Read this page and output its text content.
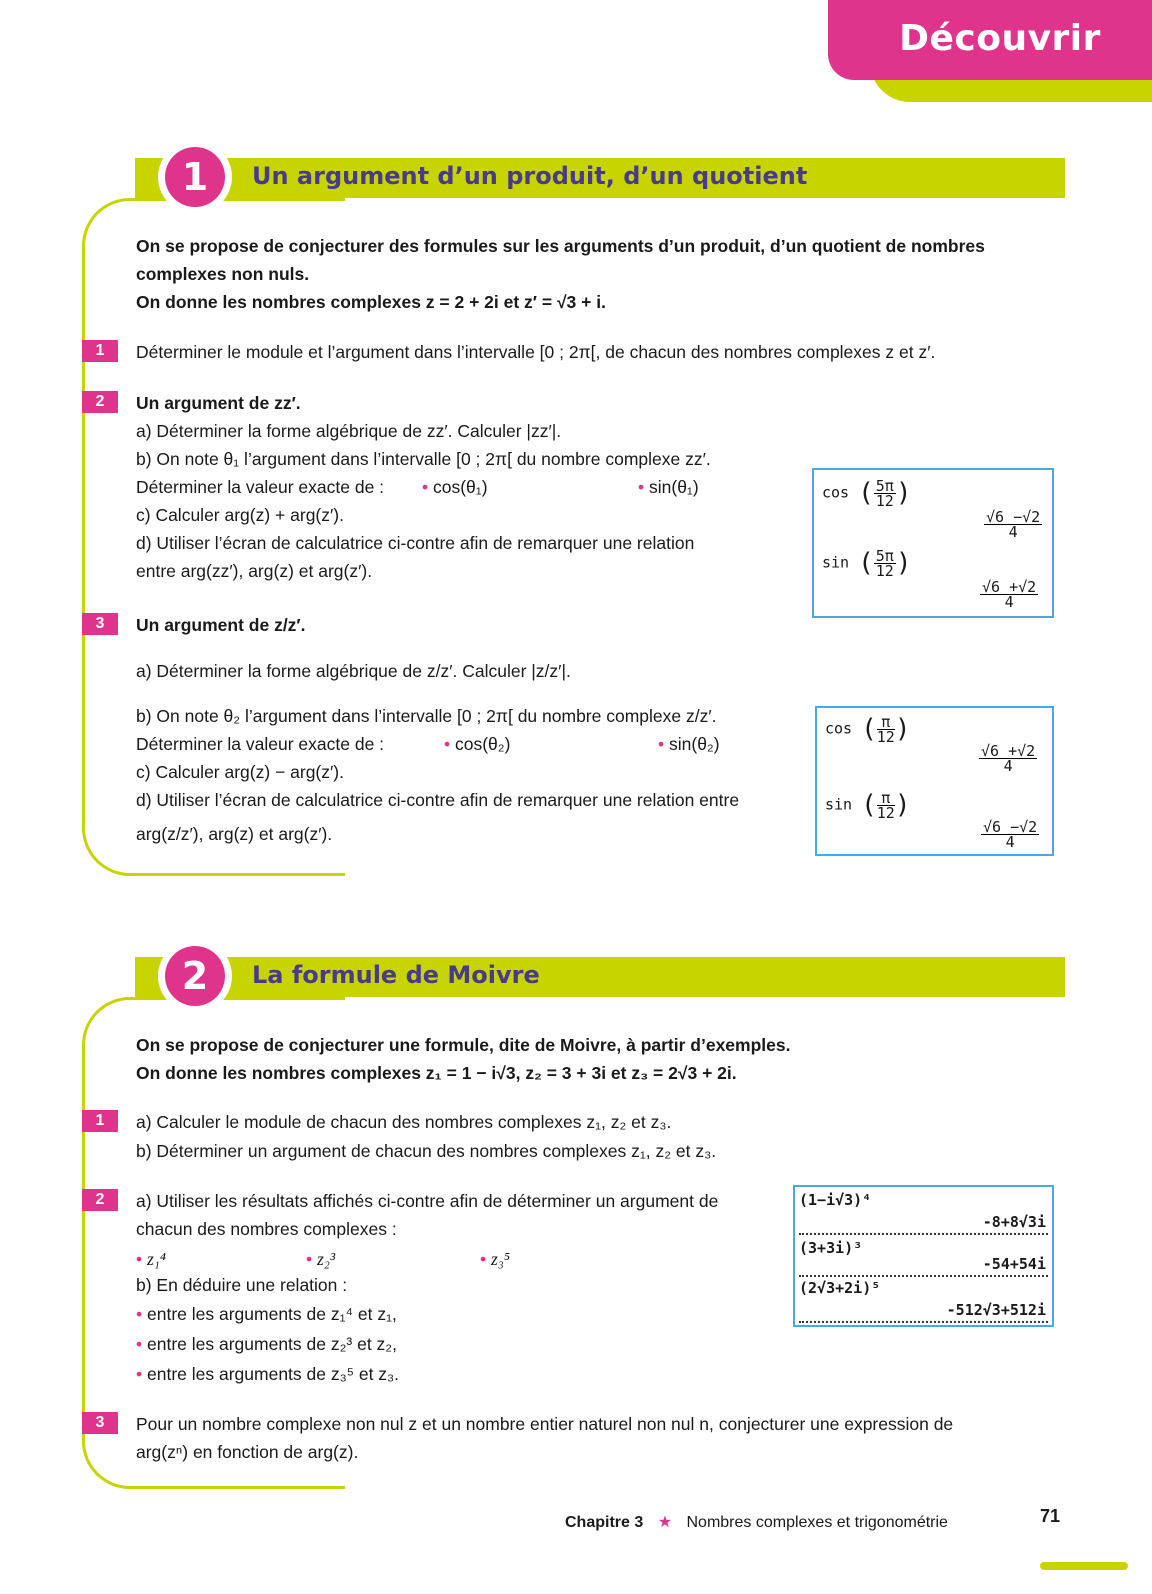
Découvrir
1	Un argument d’un produit, d’un quotient
On se propose de conjecturer des formules sur les arguments d’un produit, d’un quotient de nombres
complexes non nuls.
On donne les nombres complexes z = 2 + 2i et z′ = √3 + i.
1	Déterminer le module et l’argument dans l’intervalle [0 ; 2π[, de chacun des nombres complexes z et z′.
2	Un argument de zz′.
a) Déterminer la forme algébrique de zz′. Calculer |zz′|.
b) On note θ₁ l’argument dans l’intervalle [0 ; 2π[ du nombre complexe zz′.
Déterminer la valeur exacte de : • cos(θ₁)	• sin(θ₁)
c) Calculer arg(z) + arg(z′).
d) Utiliser l’écran de calculatrice ci-contre afin de remarquer une relation
entre arg(zz′), arg(z) et arg(z′).
cos ( $\frac{5\pi}{12}$ )
$\frac{√6 -√2}{4}$
sin ( $\frac{5\pi}{12}$ )
$\frac{√6 +√2}{4}$
3	Un argument de z/z′.
a) Déterminer la forme algébrique de z/z′. Calculer |z/z′|.
b) On note θ₂ l’argument dans l’intervalle [0 ; 2π[ du nombre complexe z/z′.
Déterminer la valeur exacte de :	• cos(θ₂)	• sin(θ₂)
c) Calculer arg(z) − arg(z′).
d) Utiliser l’écran de calculatrice ci-contre afin de remarquer une relation entre
arg(z/z′), arg(z) et arg(z′).
cos ( $\frac{\pi}{12}$ )
$\frac{√6 +√2}{4}$
sin ( $\frac{\pi}{12}$ )
$\frac{√6 -√2}{4}$
2	La formule de Moivre
On se propose de conjecturer une formule, dite de Moivre, à partir d’exemples.
On donne les nombres complexes z₁ = 1 − i√3, z₂ = 3 + 3i et z₃ = 2√3 + 2i.
1	a) Calculer le module de chacun des nombres complexes z₁, z₂ et z₃.
b) Déterminer un argument de chacun des nombres complexes z₁, z₂ et z₃.
2	a) Utiliser les résultats affichés ci-contre afin de déterminer un argument de
chacun des nombres complexes :
• z₁⁴	• z₂³	• z₃⁵
b) En déduire une relation :
• entre les arguments de z₁⁴ et z₁,
• entre les arguments de z₂³ et z₂,
• entre les arguments de z₃⁵ et z₃.
(1−i√3)⁴
-8+8√3i
(3+3i)³
-54+54i
(2√3+2i)⁵
-512√3+512i
3	Pour un nombre complexe non nul z et un nombre entier naturel non nul n, conjecturer une expression de
arg(zⁿ) en fonction de arg(z).
Chapitre 3 ★ Nombres complexes et trigonométrie	71
